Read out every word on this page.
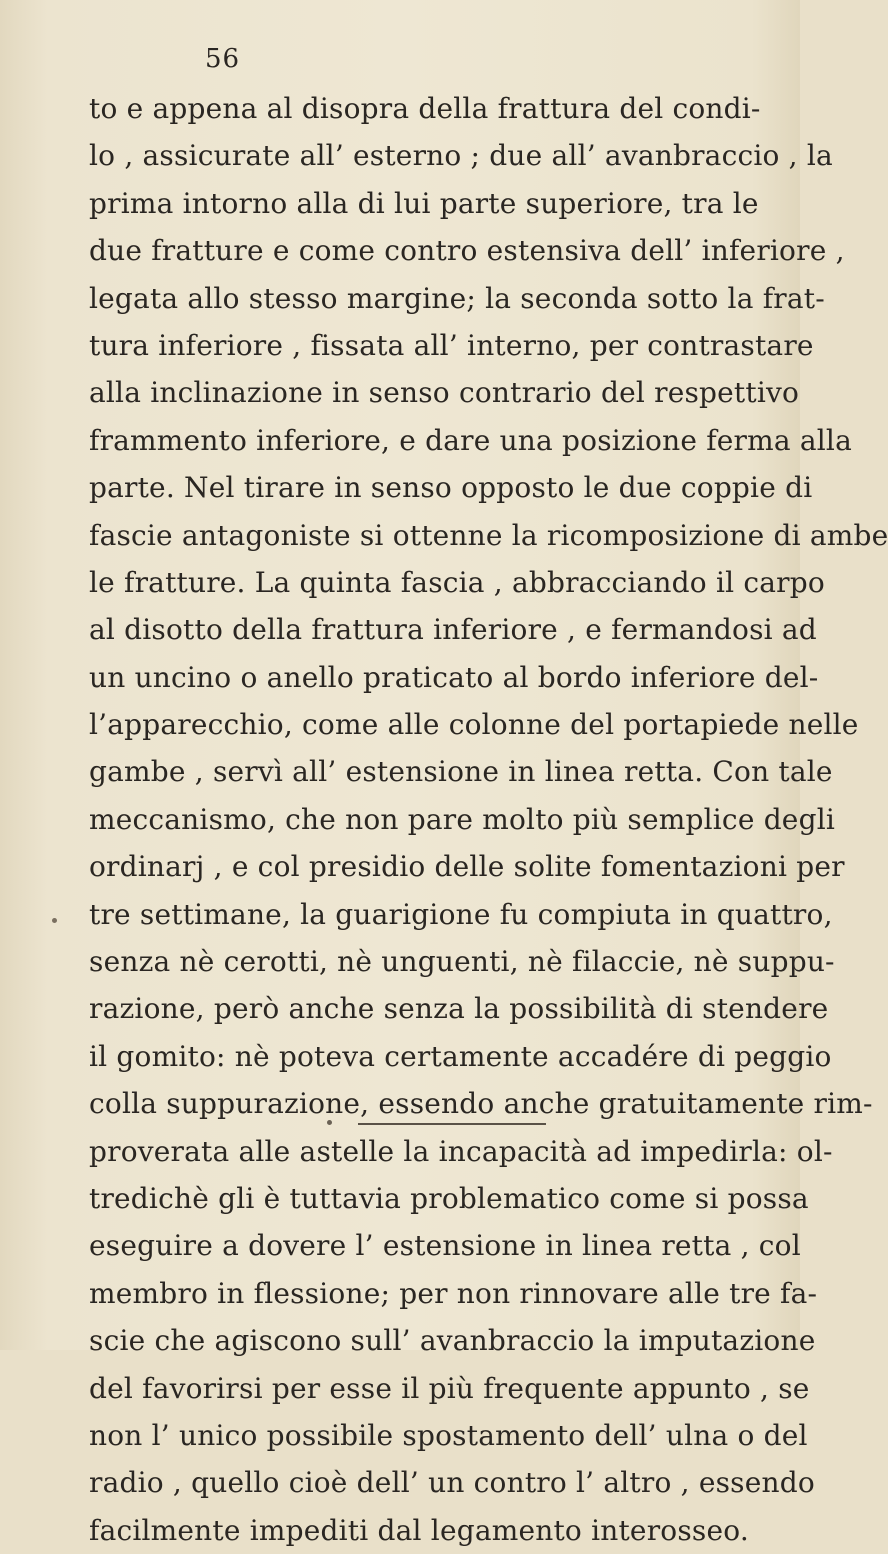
56
to e appena al disopra della frattura del condi-
lo , assicurate all’ esterno ; due all’ avanbraccio , la
prima intorno alla di lui parte superiore, tra le
due fratture e come contro estensiva dell’ inferiore ,
legata allo stesso margine; la seconda sotto la frat-
tura inferiore , fissata all’ interno, per contrastare
alla inclinazione in senso contrario del respettivo
frammento inferiore, e dare una posizione ferma alla
parte. Nel tirare in senso opposto le due coppie di
fascie antagoniste si ottenne la ricomposizione di ambe
le fratture. La quinta fascia , abbracciando il carpo
al disotto della frattura inferiore , e fermandosi ad
un uncino o anello praticato al bordo inferiore del-
l’apparecchio, come alle colonne del portapiede nelle
gambe , servì all’ estensione in linea retta. Con tale
meccanismo, che non pare molto più semplice degli
ordinarj , e col presidio delle solite fomentazioni per
tre settimane, la guarigione fu compiuta in quattro,
senza nè cerotti, nè unguenti, nè filaccie, nè suppu-
razione, però anche senza la possibilità di stendere
il gomito: nè poteva certamente accadére di peggio
colla suppurazione, essendo anche gratuitamente rim-
proverata alle astelle la incapacità ad impedirla: ol-
tredichè gli è tuttavia problematico come si possa
eseguire a dovere l’ estensione in linea retta , col
membro in flessione; per non rinnovare alle tre fa-
scie che agiscono sull’ avanbraccio la imputazione
del favorirsi per esse il più frequente appunto , se
non l’ unico possibile spostamento dell’ ulna o del
radio , quello cioè dell’ un contro l’ altro , essendo
facilmente impediti dal legamento interosseo.
